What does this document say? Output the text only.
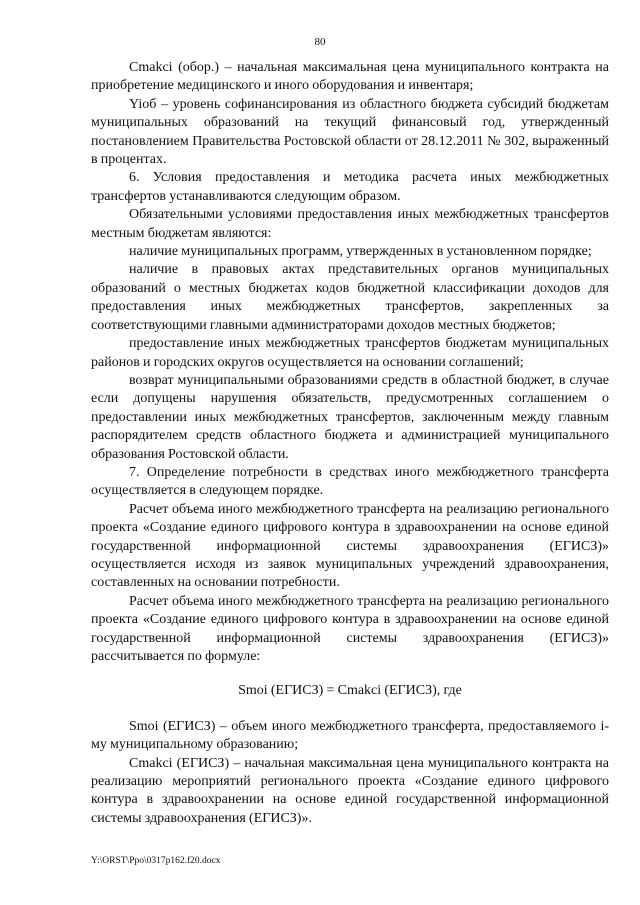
80

Cmakci (обор.) – начальная максимальная цена муниципального контракта на приобретение медицинского и иного оборудования и инвентаря;

Yioб – уровень софинансирования из областного бюджета субсидий бюджетам муниципальных образований на текущий финансовый год, утвержденный постановлением Правительства Ростовской области от 28.12.2011 № 302, выраженный в процентах.

6. Условия предоставления и методика расчета иных межбюджетных трансфертов устанавливаются следующим образом.

Обязательными условиями предоставления иных межбюджетных трансфертов местным бюджетам являются:

наличие муниципальных программ, утвержденных в установленном порядке;

наличие в правовых актах представительных органов муниципальных образований о местных бюджетах кодов бюджетной классификации доходов для предоставления иных межбюджетных трансфертов, закрепленных за соответствующими главными администраторами доходов местных бюджетов;

предоставление иных межбюджетных трансфертов бюджетам муниципальных районов и городских округов осуществляется на основании соглашений;

возврат муниципальными образованиями средств в областной бюджет, в случае если допущены нарушения обязательств, предусмотренных соглашением о предоставлении иных межбюджетных трансфертов, заключенным между главным распорядителем средств областного бюджета и администрацией муниципального образования Ростовской области.

7. Определение потребности в средствах иного межбюджетного трансферта осуществляется в следующем порядке.

Расчет объема иного межбюджетного трансферта на реализацию регионального проекта «Создание единого цифрового контура в здравоохранении на основе единой государственной информационной системы здравоохранения (ЕГИСЗ)» осуществляется исходя из заявок муниципальных учреждений здравоохранения, составленных на основании потребности.

Расчет объема иного межбюджетного трансферта на реализацию регионального проекта «Создание единого цифрового контура в здравоохранении на основе единой государственной информационной системы здравоохранения (ЕГИСЗ)» рассчитывается по формуле:

Smoi (ЕГИСЗ) = Cmakci (ЕГИСЗ), где

Smoi (ЕГИСЗ) – объем иного межбюджетного трансферта, предоставляемого i-му муниципальному образованию;

Cmakci (ЕГИСЗ) – начальная максимальная цена муниципального контракта на реализацию мероприятий регионального проекта «Создание единого цифрового контура в здравоохранении на основе единой государственной информационной системы здравоохранения (ЕГИСЗ)».

Y:\ORST\Ppo\0317p162.f20.docx
